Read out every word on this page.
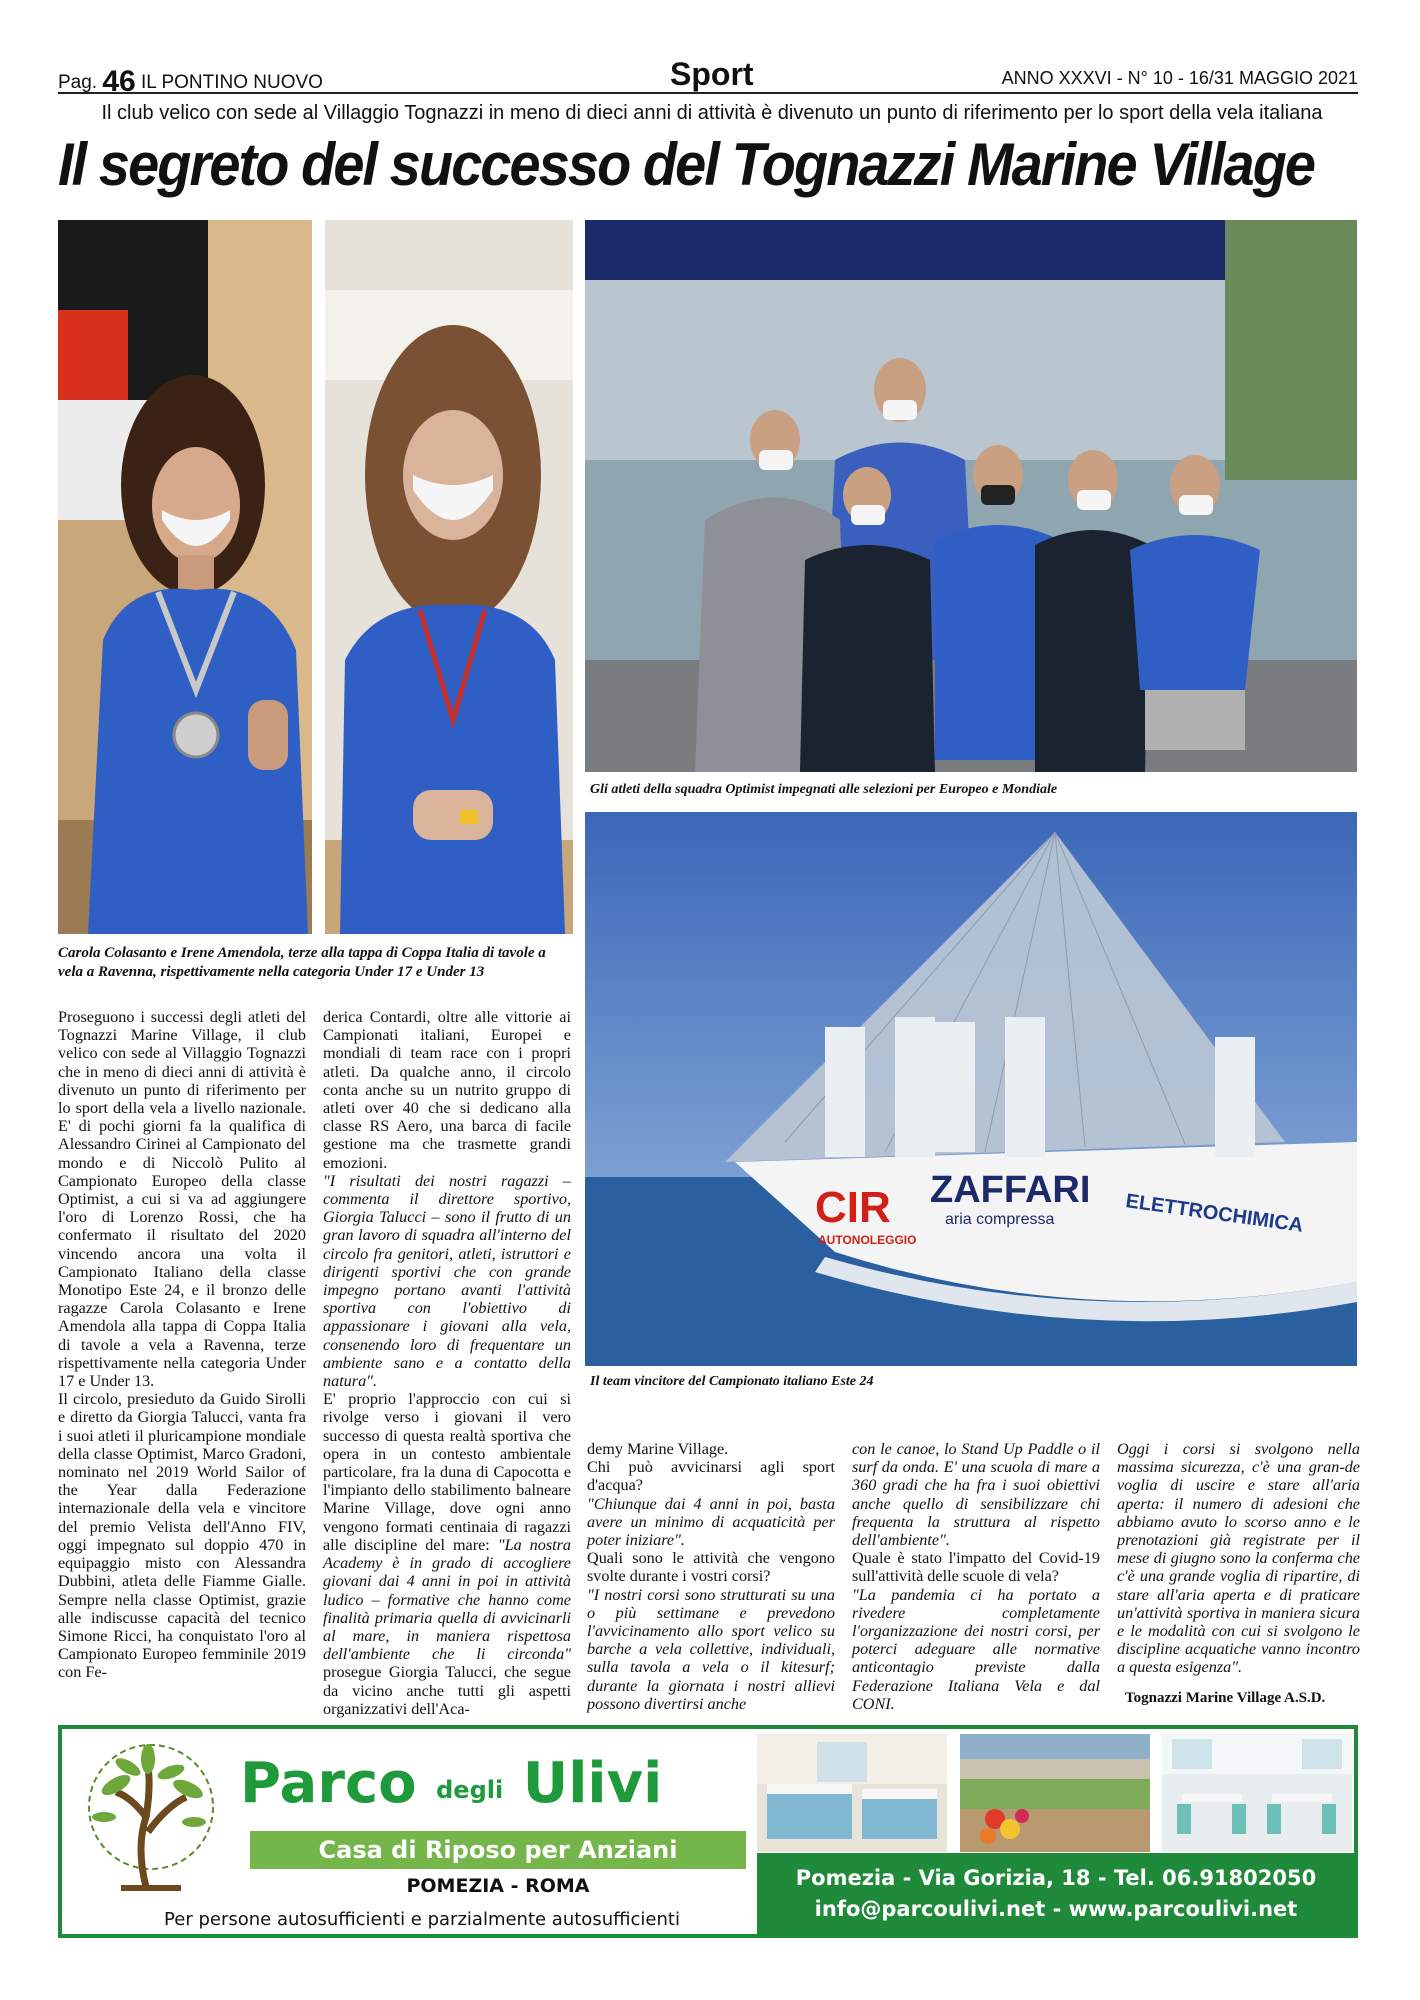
Pag. 46 IL PONTINO NUOVO	Sport	ANNO XXXVI - N° 10 - 16/31 MAGGIO 2021
Il club velico con sede al Villaggio Tognazzi in meno di dieci anni di attività è divenuto un punto di riferimento per lo sport della vela italiana
Il segreto del successo del Tognazzi Marine Village
CIR
AUTONOLEGGIO
ZAFFARI
aria compressa	ELETTROCHIMICA
Carola Colasanto e Irene Amendola, terze alla tappa di Coppa Italia di tavole a vela a Ravenna, rispettivamente nella categoria Under 17 e Under 13
Gli atleti della squadra Optimist impegnati alle selezioni per Europeo e Mondiale
Il team vincitore del Campionato italiano Este 24

Proseguono i successi degli atleti del Tognazzi Marine Village, il club velico con sede al Villaggio Tognazzi che in meno di dieci anni di attività è divenuto un punto di riferimento per lo sport della vela a livello nazionale. E' di pochi giorni fa la qualifica di Alessandro Cirinei al Campionato del mondo e di Niccolò Pulito al Campionato Europeo della classe Optimist, a cui si va ad aggiungere l'oro di Lorenzo Rossi, che ha confermato il risultato del 2020 vincendo ancora una volta il Campionato Italiano della classe Monotipo Este 24, e il bronzo delle ragazze Carola Colasanto e Irene Amendola alla tappa di Coppa Italia di tavole a vela a Ravenna, terze rispettivamente nella categoria Under 17 e Under 13.

Il circolo, presieduto da Guido Sirolli e diretto da Giorgia Talucci, vanta fra i suoi atleti il pluricampione mondiale della classe Optimist, Marco Gradoni, nominato nel 2019 World Sailor of the Year dalla Federazione internazionale della vela e vincitore del premio Velista dell'Anno FIV, oggi impegnato sul doppio 470 in equipaggio misto con Alessandra Dubbini, atleta delle Fiamme Gialle. Sempre nella classe Optimist, grazie alle indiscusse capacità del tecnico Simone Ricci, ha conquistato l'oro al Campionato Europeo femminile 2019 con Fe-

derica Contardi, oltre alle vittorie ai Campionati italiani, Europei e mondiali di team race con i propri atleti. Da qualche anno, il circolo conta anche su un nutrito gruppo di atleti over 40 che si dedicano alla classe RS Aero, una barca di facile gestione ma che trasmette grandi emozioni.

"I risultati dei nostri ragazzi – commenta il direttore sportivo, Giorgia Talucci – sono il frutto di un gran lavoro di squadra all'interno del circolo fra genitori, atleti, istruttori e dirigenti sportivi che con grande impegno portano avanti l'attività sportiva con l'obiettivo di appassionare i giovani alla vela, consenendo loro di frequentare un ambiente sano e a contatto della natura".

E' proprio l'approccio con cui si rivolge verso i giovani il vero successo di questa realtà sportiva che opera in un contesto ambientale particolare, fra la duna di Capocotta e l'impianto dello stabilimento balneare Marine Village, dove ogni anno vengono formati centinaia di ragazzi alle discipline del mare: "La nostra Academy è in grado di accogliere giovani dai 4 anni in poi in attività ludico – formative che hanno come finalità primaria quella di avvicinarli al mare, in maniera rispettosa dell'ambiente che li circonda" prosegue Giorgia Talucci, che segue da vicino anche tutti gli aspetti organizzativi dell'Aca-

demy Marine Village.

Chi può avvicinarsi agli sport d'acqua?

"Chiunque dai 4 anni in poi, basta avere un minimo di acquaticità per poter iniziare".

Quali sono le attività che vengono svolte durante i vostri corsi?

"I nostri corsi sono strutturati su una o più settimane e prevedono l'avvicinamento allo sport velico su barche a vela collettive, individuali, sulla tavola a vela o il kitesurf; durante la giornata i nostri allievi possono divertirsi anche

con le canoe, lo Stand Up Paddle o il surf da onda. E' una scuola di mare a 360 gradi che ha fra i suoi obiettivi anche quello di sensibilizzare chi frequenta la struttura al rispetto dell'ambiente".

Quale è stato l'impatto del Covid-19 sull'attività delle scuole di vela?

"La pandemia ci ha portato a rivedere completamente l'organizzazione dei nostri corsi, per poterci adeguare alle normative anticontagio previste dalla Federazione Italiana Vela e dal CONI.

Oggi i corsi si svolgono nella massima sicurezza, c'è una gran-de voglia di uscire e stare all'aria aperta: il numero di adesioni che abbiamo avuto lo scorso anno e le prenotazioni già registrate per il mese di giugno sono la conferma che c'è una grande voglia di ripartire, di stare all'aria aperta e di praticare un'attività sportiva in maniera sicura e le modalità con cui si svolgono le discipline acquatiche vanno incontro a questa esigenza".

Tognazzi Marine Village A.S.D.
Parco degli Ulivi
Casa di Riposo per Anziani
POMEZIA - ROMA
Per persone autosufficienti e parzialmente autosufficienti
Pomezia - Via Gorizia, 18 - Tel. 06.91802050
info@parcoulivi.net - www.parcoulivi.net
